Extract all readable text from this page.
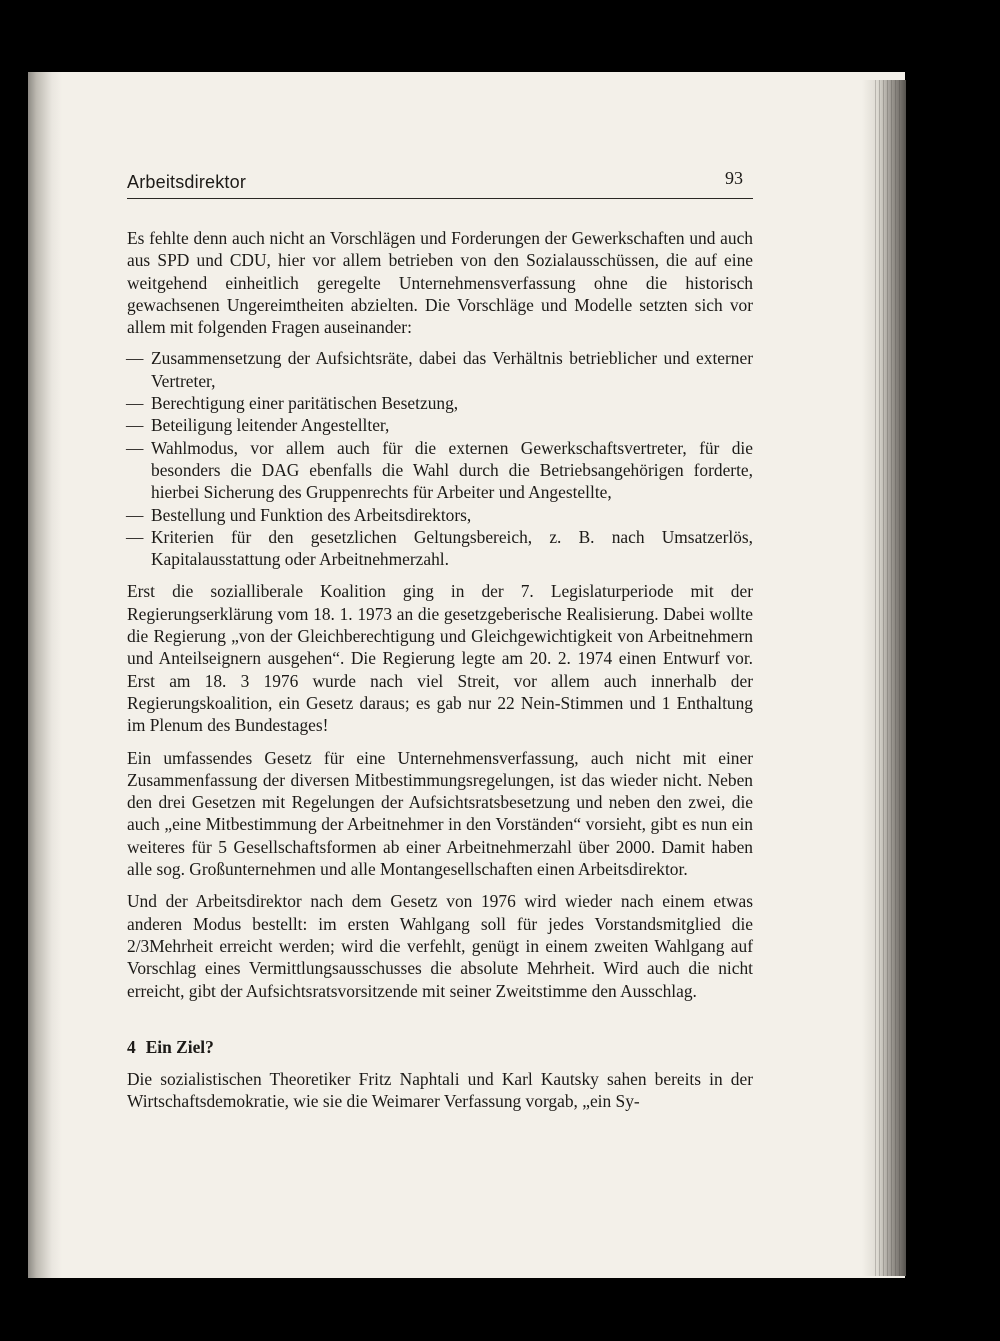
Arbeitsdirektor	93

Es fehlte denn auch nicht an Vorschlägen und Forderungen der Gewerkschaften und auch aus SPD und CDU, hier vor allem betrieben von den Sozialausschüssen, die auf eine weitgehend einheitlich geregelte Unternehmensverfassung ohne die historisch gewachsenen Ungereimtheiten abzielten. Die Vorschläge und Modelle setzten sich vor allem mit folgenden Fragen auseinander:

— Zusammensetzung der Aufsichtsräte, dabei das Verhältnis betrieblicher und externer Vertreter,
— Berechtigung einer paritätischen Besetzung,
— Beteiligung leitender Angestellter,
— Wahlmodus, vor allem auch für die externen Gewerkschaftsvertreter, für die besonders die DAG ebenfalls die Wahl durch die Betriebsangehörigen forderte, hierbei Sicherung des Gruppenrechts für Arbeiter und Angestellte,
— Bestellung und Funktion des Arbeitsdirektors,
— Kriterien für den gesetzlichen Geltungsbereich, z. B. nach Umsatzerlös, Kapitalausstattung oder Arbeitnehmerzahl.

Erst die sozialliberale Koalition ging in der 7. Legislaturperiode mit der Regierungserklärung vom 18. 1. 1973 an die gesetzgeberische Realisierung. Dabei wollte die Regierung „von der Gleichberechtigung und Gleichgewichtigkeit von Arbeitnehmern und Anteilseignern ausgehen“. Die Regierung legte am 20. 2. 1974 einen Entwurf vor. Erst am 18. 3 1976 wurde nach viel Streit, vor allem auch innerhalb der Regierungskoalition, ein Gesetz daraus; es gab nur 22 Nein-Stimmen und 1 Enthaltung im Plenum des Bundestages!

Ein umfassendes Gesetz für eine Unternehmensverfassung, auch nicht mit einer Zusammenfassung der diversen Mitbestimmungsregelungen, ist das wieder nicht. Neben den drei Gesetzen mit Regelungen der Aufsichtsratsbesetzung und neben den zwei, die auch „eine Mitbestimmung der Arbeitnehmer in den Vorständen“ vorsieht, gibt es nun ein weiteres für 5 Gesellschaftsformen ab einer Arbeitnehmerzahl über 2000. Damit haben alle sog. Großunternehmen und alle Montangesellschaften einen Arbeitsdirektor.

Und der Arbeitsdirektor nach dem Gesetz von 1976 wird wieder nach einem etwas anderen Modus bestellt: im ersten Wahlgang soll für jedes Vorstandsmitglied die 2/3Mehrheit erreicht werden; wird die verfehlt, genügt in einem zweiten Wahlgang auf Vorschlag eines Vermittlungsausschusses die absolute Mehrheit. Wird auch die nicht erreicht, gibt der Aufsichtsratsvorsitzende mit seiner Zweitstimme den Ausschlag.

4 Ein Ziel?

Die sozialistischen Theoretiker Fritz Naphtali und Karl Kautsky sahen bereits in der Wirtschaftsdemokratie, wie sie die Weimarer Verfassung vorgab, „ein Sy-
